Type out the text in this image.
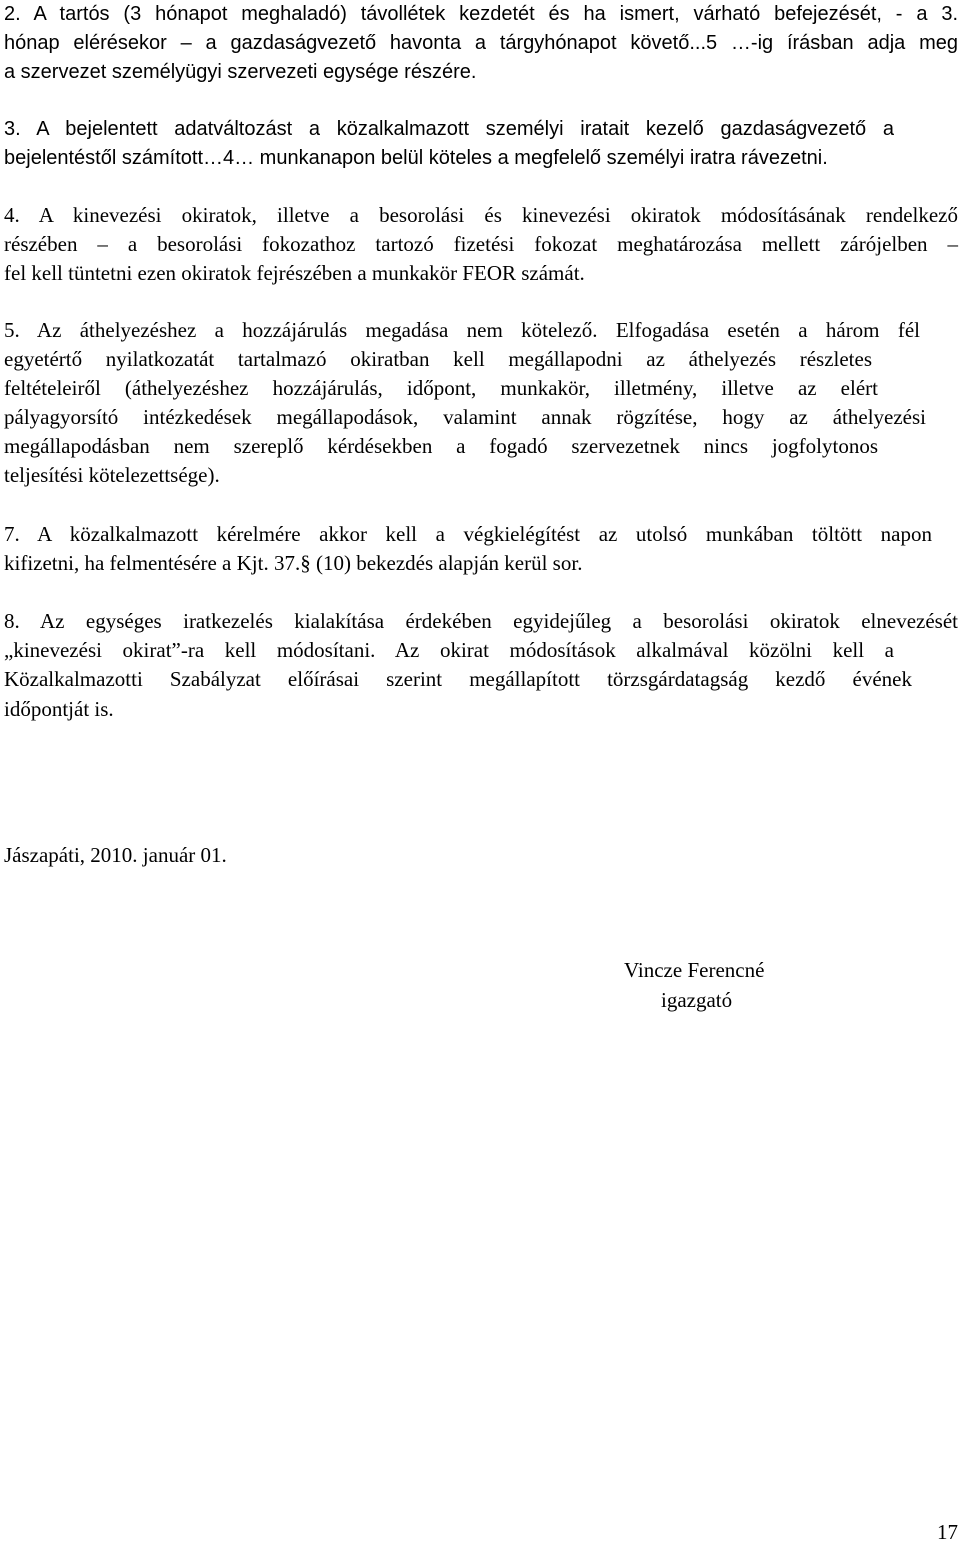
2. A tartós (3 hónapot meghaladó) távollétek kezdetét és ha ismert, várható befejezését, - a 3.
hónap elérésekor – a gazdaságvezető havonta a tárgyhónapot követő...5 …-ig írásban adja meg
a szervezet személyügyi szervezeti egysége részére.
3. A bejelentett adatváltozást a közalkalmazott személyi iratait kezelő gazdaságvezető a
bejelentéstől számított…4… munkanapon belül köteles a megfelelő személyi iratra rávezetni.
4. A kinevezési okiratok, illetve a besorolási és kinevezési okiratok módosításának rendelkező
részében – a besorolási fokozathoz tartozó fizetési fokozat meghatározása mellett zárójelben –
fel kell tüntetni ezen okiratok fejrészében a munkakör FEOR számát.
5. Az áthelyezéshez a hozzájárulás megadása nem kötelező. Elfogadása esetén a három fél
egyetértő nyilatkozatát tartalmazó okiratban kell megállapodni az áthelyezés részletes
feltételeiről (áthelyezéshez hozzájárulás, időpont, munkakör, illetmény, illetve az elért
pályagyorsító intézkedések megállapodások, valamint annak rögzítése, hogy az áthelyezési
megállapodásban nem szereplő kérdésekben a fogadó szervezetnek nincs jogfolytonos
teljesítési kötelezettsége).
7. A közalkalmazott kérelmére akkor kell a végkielégítést az utolsó munkában töltött napon
kifizetni, ha felmentésére a Kjt. 37.§ (10) bekezdés alapján kerül sor.
8. Az egységes iratkezelés kialakítása érdekében egyidejűleg a besorolási okiratok elnevezését
„kinevezési okirat”-ra kell módosítani. Az okirat módosítások alkalmával közölni kell a
Közalkalmazotti Szabályzat előírásai szerint megállapított törzsgárdatagság kezdő évének
időpontját is.
Jászapáti, 2010. január 01.
Vincze Ferencné
igazgató
17
